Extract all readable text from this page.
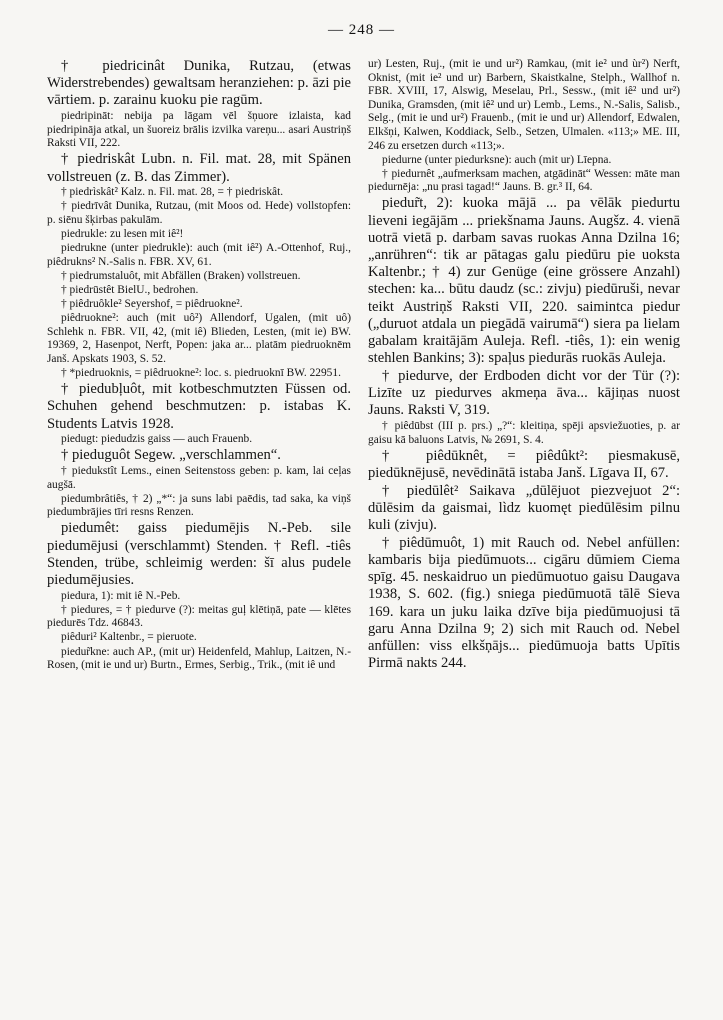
— 248 —

† piedricinât Dunika, Rutzau, (etwas Widerstrebendes) gewaltsam heranziehen: p. āzi pie vārtiem. p. zarainu kuoku pie ragūm.

piedripināt: nebija pa lāgam vēl šņuore izlaista, kad piedripināja atkal, un šuoreiz brālis izvilka vareņu... asari Austriņš Raksti VII, 222.

† piedriskât Lubn. n. Fil. mat. 28, mit Spänen vollstreuen (z. B. das Zimmer).

† piedrìskât² Kalz. n. Fil. mat. 28, = † piedriskât.

† piedrīvât Dunika, Rutzau, (mit Moos od. Hede) vollstopfen: p. siēnu šķirbas pakulām.

piedrukle: zu lesen mit iê²!

piedrukne (unter piedrukle): auch (mit iê²) A.-Ottenhof, Ruj., piêdrukns² N.-Salis n. FBR. XV, 61.

† piedrumstaluôt, mit Abfällen (Braken) vollstreuen.

† piedrūstêt BielU., bedrohen.

† piêdruôkle² Seyershof, = piêdruokne².

piêdruokne²: auch (mit uô²) Allendorf, Ugalen, (mit uô) Schlehk n. FBR. VII, 42, (mit iê) Blieden, Lesten, (mit ie) BW. 19369, 2, Hasenpot, Nerft, Popen: jaka ar... platām piedruoknēm Janš. Apskats 1903, S. 52.

† *piedruoknis, = piêdruokne²: loc. s. piedruoknī BW. 22951.

† piedubļuôt, mit kotbeschmutzten Füssen od. Schuhen gehend beschmutzen: p. istabas K. Students Latvis 1928.

piedugt: piedudzis gaiss — auch Frauenb.

† pieduguôt Segew. „verschlammen“.

† piedukstît Lems., einen Seitenstoss geben: p. kam, lai ceļas augšā.

piedumbrâtiês, † 2) „*“: ja suns labi paēdis, tad saka, ka viņš piedumbrājies tīri resns Renzen.

piedumêt: gaiss piedumējis N.-Peb. sile piedumējusi (verschlammt) Stenden. † Refl. -tiês Stenden, trübe, schleimig werden: šī alus pudele piedumējusies.

piedura, 1): mit iê N.-Peb.

† piedures, = † piedurve (?): meitas guļ klētiņā, pate — klētes piedurēs Tdz. 46843.

piêduri² Kaltenbr., = pieruote.

piedur̃kne: auch AP., (mit ur) Heidenfeld, Mahlup, Laitzen, N.-Rosen, (mit ie und ur) Burtn., Ermes, Serbig., Trik., (mit iê und

ur) Lesten, Ruj., (mit ie und ur²) Ramkau, (mit ie² und ùr²) Nerft, Oknist, (mit ie² und ur) Barbern, Skaistkalne, Stelph., Wallhof n. FBR. XVIII, 17, Alswig, Meselau, Prl., Sessw., (mit iê² und ur²) Dunika, Gramsden, (mit iê² und ur) Lemb., Lems., N.-Salis, Salisb., Selg., (mit ie und ur²) Frauenb., (mit ie und ur) Allendorf, Edwalen, Elkšņi, Kalwen, Koddiack, Selb., Setzen, Ulmalen. «113;» ME. III, 246 zu ersetzen durch «113;».

piedurne (unter piedurksne): auch (mit ur) Līepna.

† piedurnêt „aufmerksam machen, atgādināt“ Wessen: māte man piedurnēja: „nu prasi tagad!“ Jauns. B. gr.³ II, 64.

piedur̃t, 2): kuoka mājā ... pa vēlāk piedurtu lieveni iegājām ... priekšnama Jauns. Augšz. 4. vienā uotrā vietā p. darbam savas ruokas Anna Dzilna 16; „anrühren“: tik ar pātagas galu piedūru pie uoksta Kaltenbr.; † 4) zur Genüge (eine grössere Anzahl) stechen: ka... būtu daudz (sc.: zivju) piedūruši, nevar teikt Austriņš Raksti VII, 220. saimintca piedur („duruot atdala un piegādā vairumā“) siera pa lielam gabalam kraitājām Auleja. Refl. -tiês, 1): ein wenig stehlen Bankins; 3): spaļus piedurās ruokās Auleja.

† piedurve, der Erdboden dicht vor der Tür (?): Lizīte uz piedurves akmeņa āva... kājiņas nuost Jauns. Raksti V, 319.

† piêdūbst (III p. prs.) „?“: kleitiņa, spēji apsviežuoties, p. ar gaisu kā baluons Latvis, № 2691, S. 4.

† piêdūknêt, = piêdûkt²: piesmakusē, piedūknējusē, nevēdinātā istaba Janš. Līgava II, 67.

† piedūlêt² Saikava „dūlējuot piezvejuot 2“: dūlēsim da gaismai, lìdz kuomęt piedūlēsim pilnu kuli (zivju).

† piêdūmuôt, 1) mit Rauch od. Nebel anfüllen: kambaris bija piedūmuots... cigāru dūmiem Ciema spīg. 45. neskaidruo un piedūmuotuo gaisu Daugava 1938, S. 602. (fig.) sniega piedūmuotā tālē Sieva 169. kara un juku laika dzīve bija piedūmuojusi tā garu Anna Dzilna 9; 2) sich mit Rauch od. Nebel anfüllen: viss elkšņājs... piedūmuoja batts Upītis Pirmā nakts 244.
